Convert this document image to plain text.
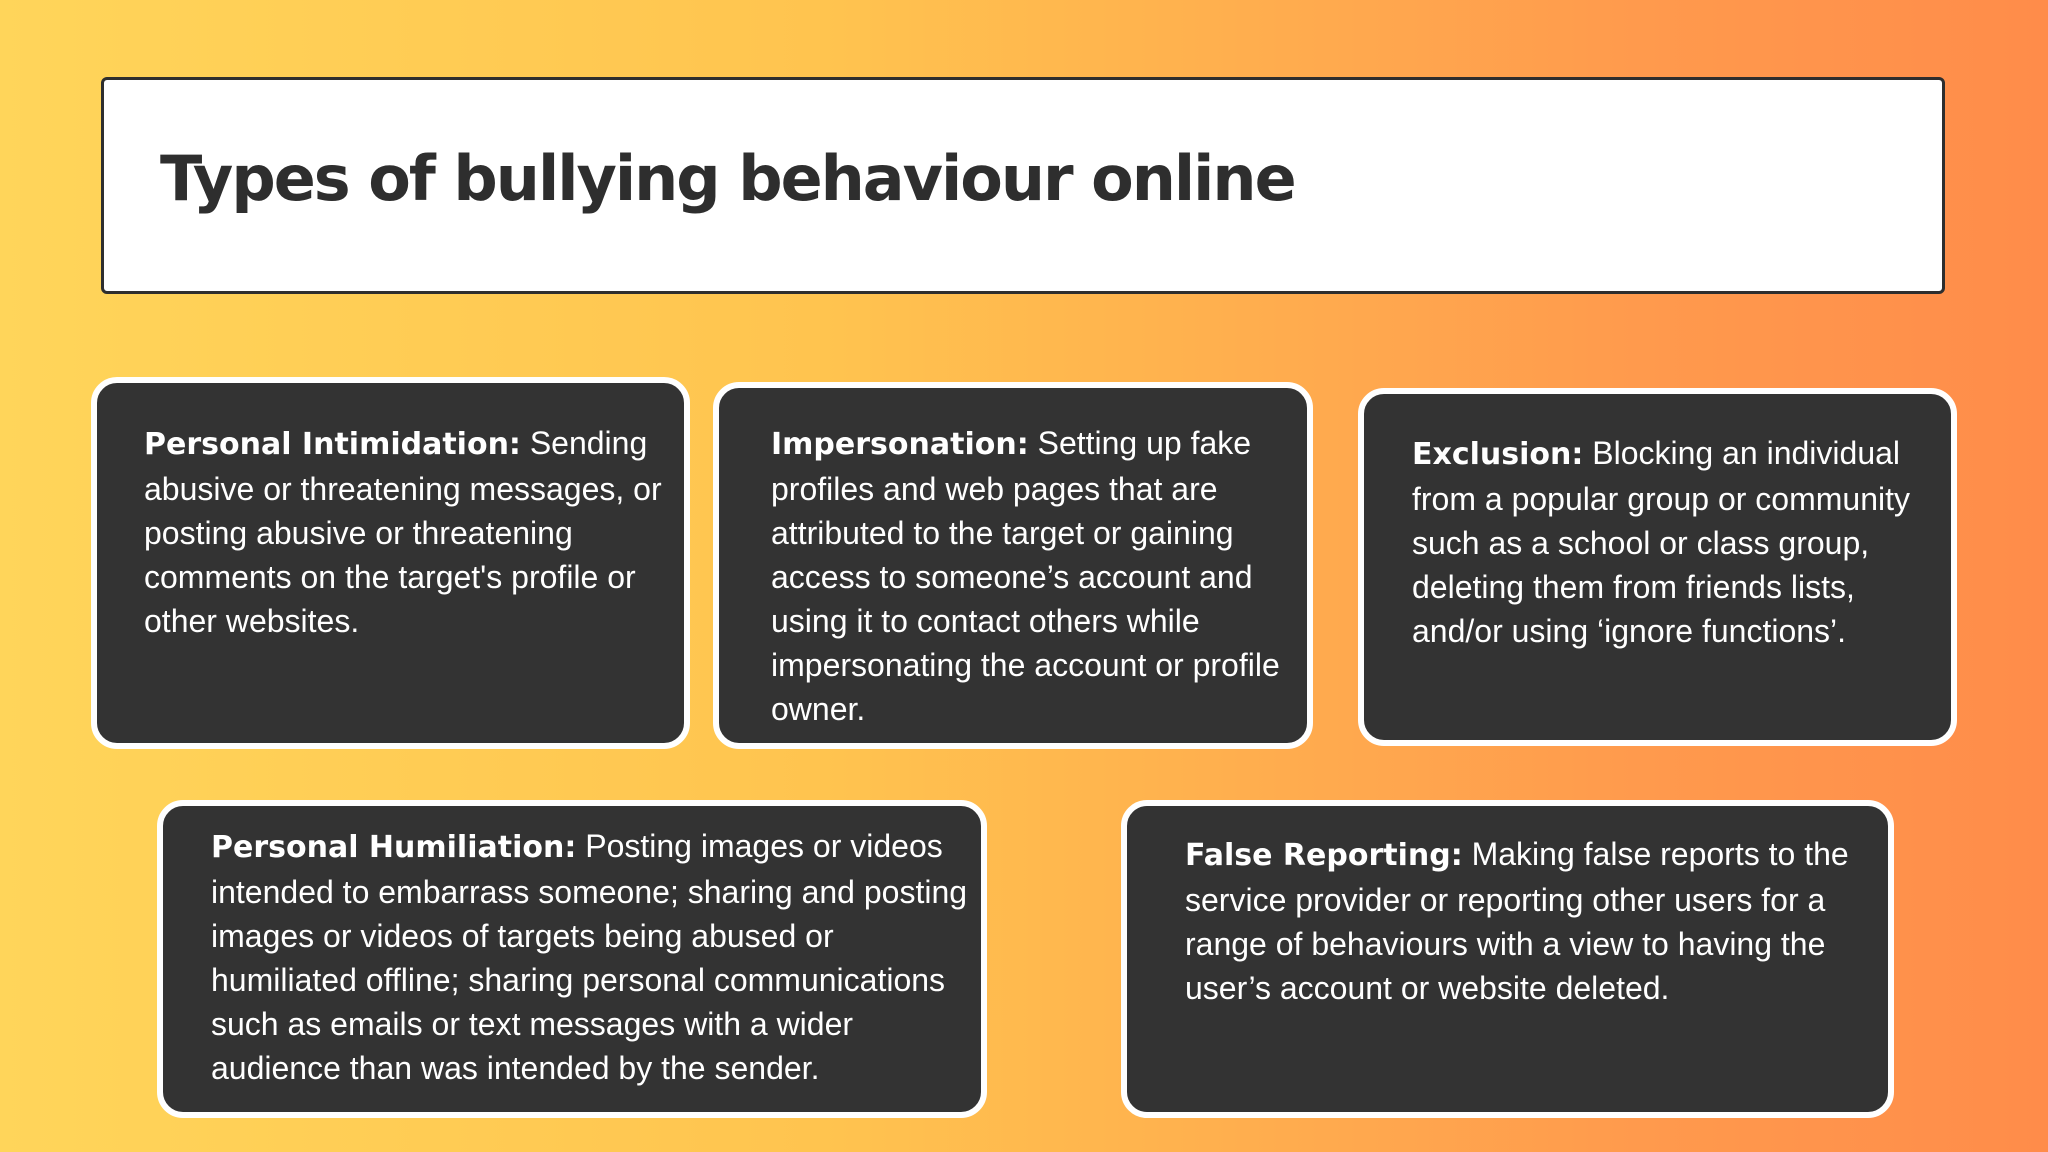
Types of bullying behaviour online

Personal Intimidation: Sending abusive or threatening messages, or posting abusive or threatening comments on the target's profile or other websites.

Impersonation: Setting up fake profiles and web pages that are attributed to the target or gaining access to someone’s account and using it to contact others while impersonating the account or profile owner.

Exclusion: Blocking an individual from a popular group or community such as a school or class group, deleting them from friends lists, and/or using ‘ignore functions’.

Personal Humiliation: Posting images or videos intended to embarrass someone; sharing and posting images or videos of targets being abused or humiliated offline; sharing personal communications such as emails or text messages with a wider audience than was intended by the sender.

False Reporting: Making false reports to the service provider or reporting other users for a range of behaviours with a view to having the user’s account or website deleted.
